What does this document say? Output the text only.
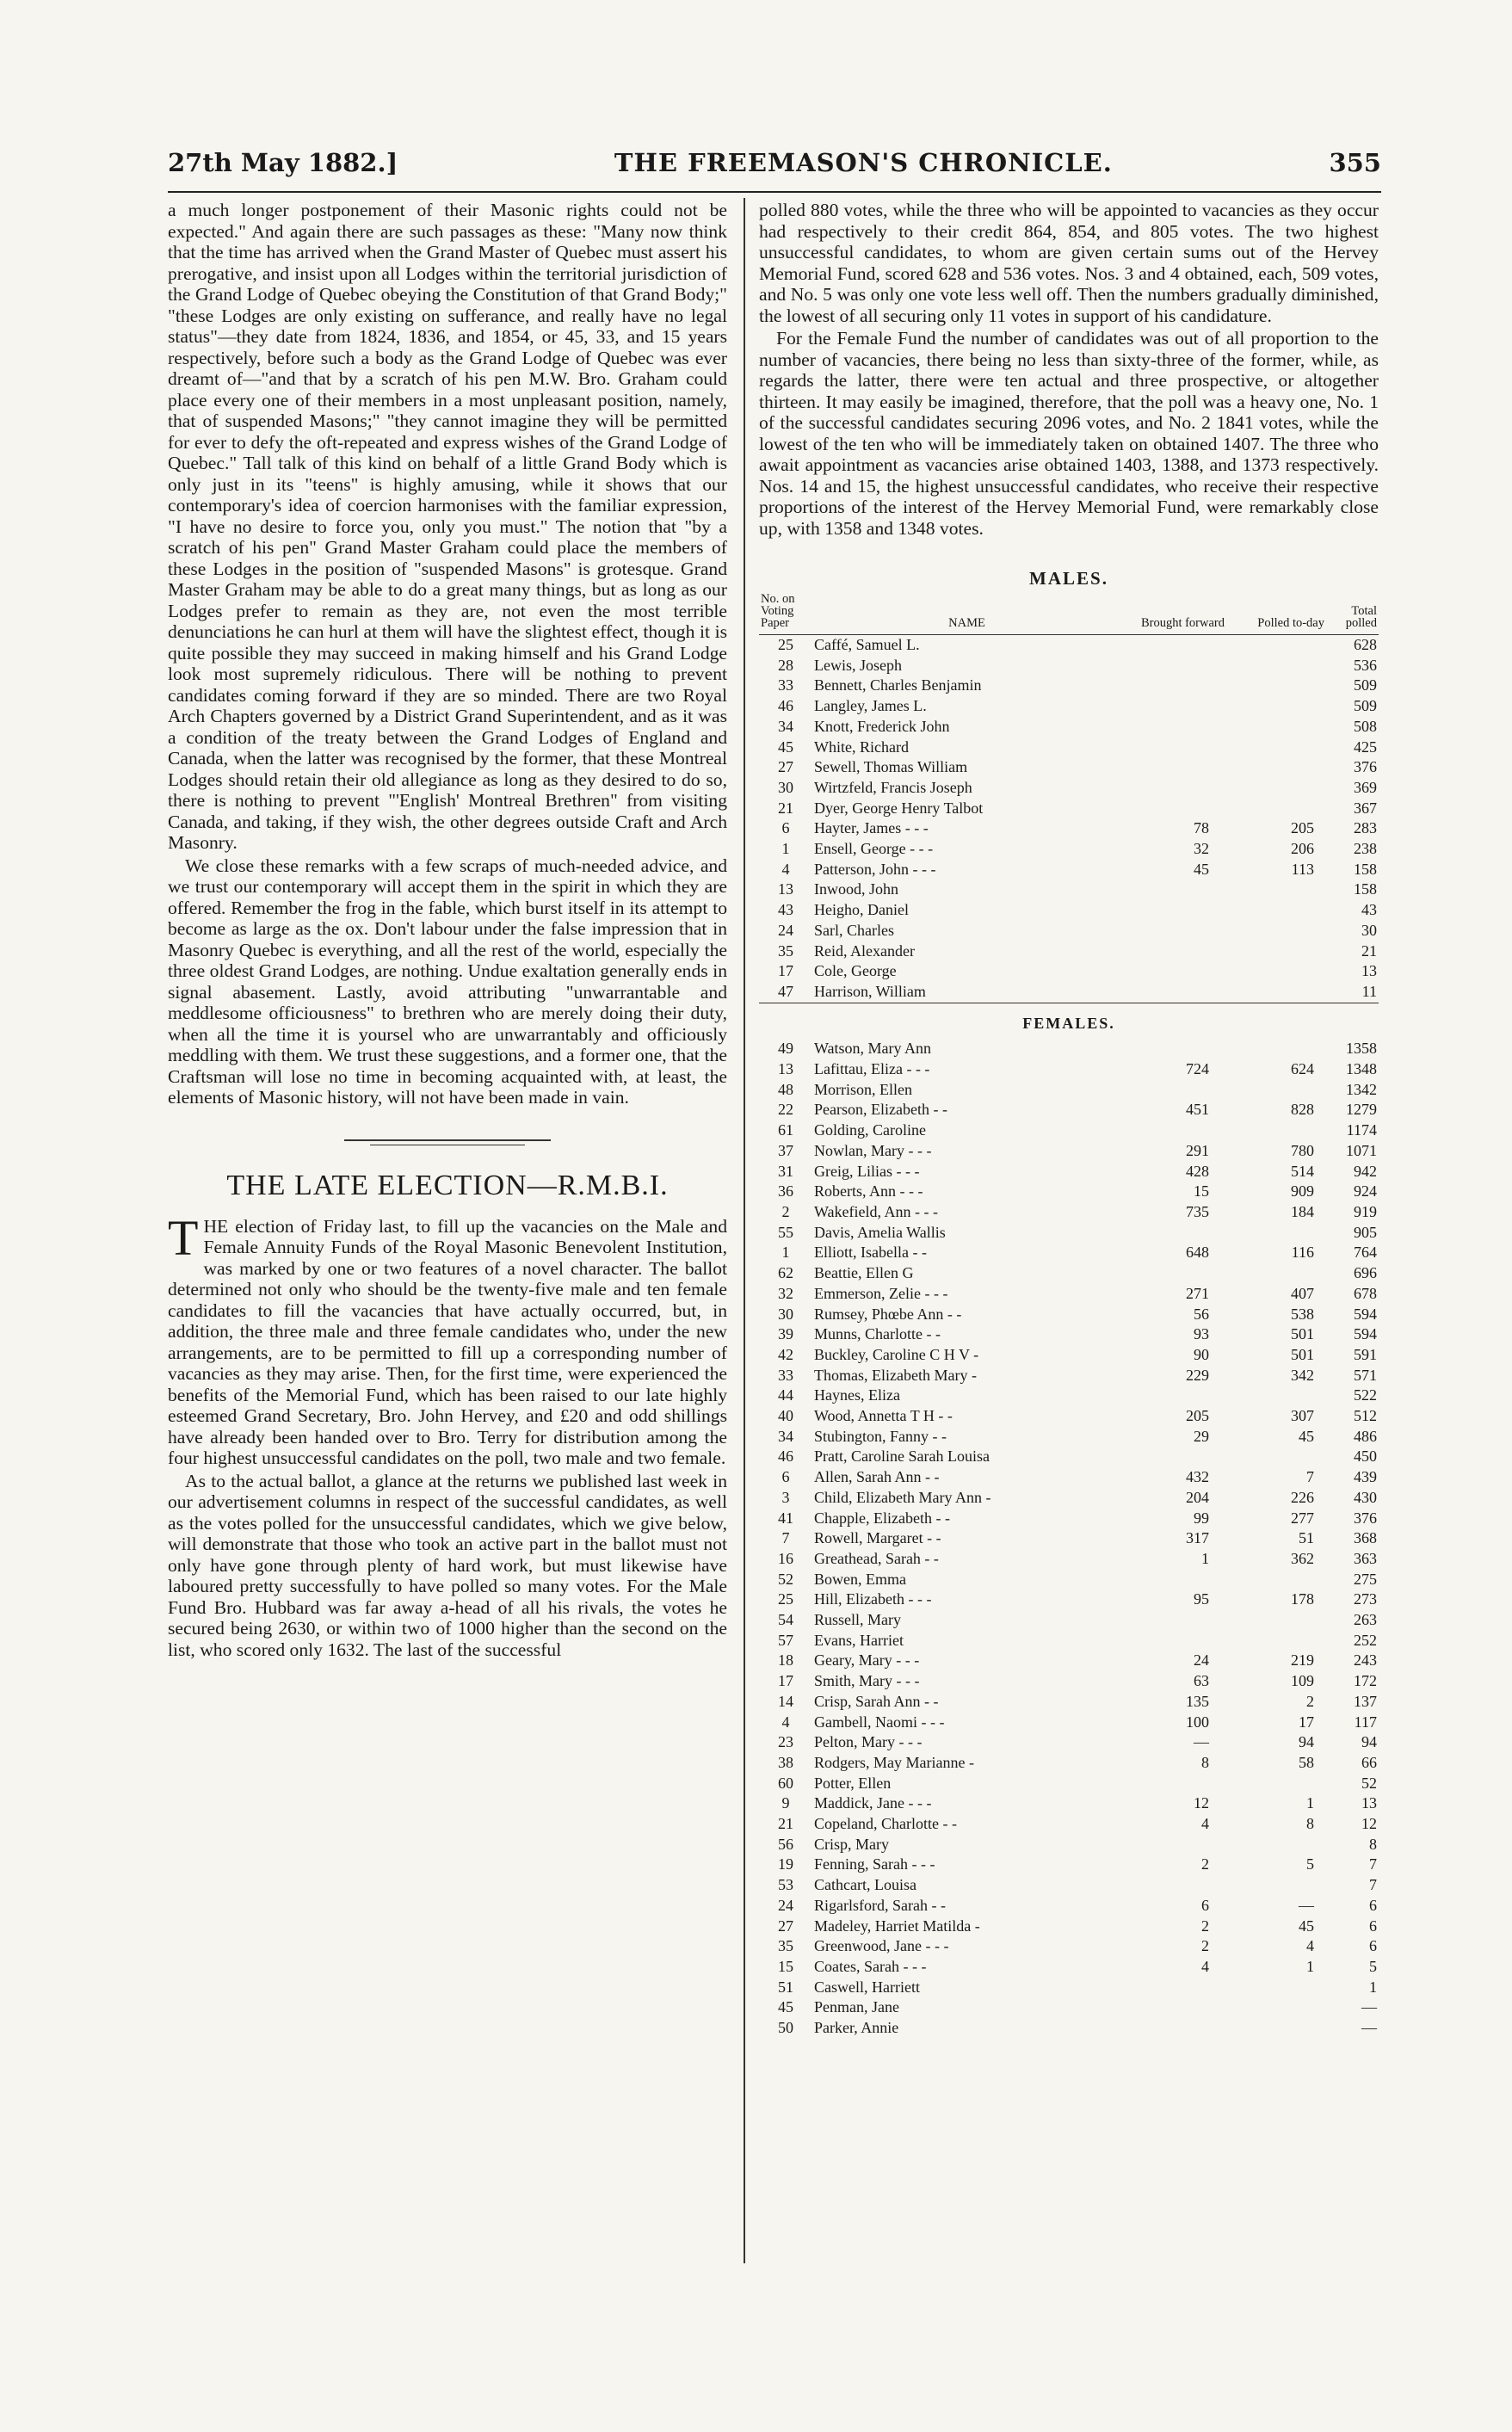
27th May 1882.]	THE FREEMASON'S CHRONICLE.	355

a much longer postponement of their Masonic rights could not be expected." And again there are such passages as these: "Many now think that the time has arrived when the Grand Master of Quebec must assert his prerogative, and insist upon all Lodges within the territorial jurisdiction of the Grand Lodge of Quebec obeying the Constitution of that Grand Body;" "these Lodges are only existing on sufferance, and really have no legal status"—they date from 1824, 1836, and 1854, or 45, 33, and 15 years respectively, before such a body as the Grand Lodge of Quebec was ever dreamt of—"and that by a scratch of his pen M.W. Bro. Graham could place every one of their members in a most unpleasant position, namely, that of suspended Masons;" "they cannot imagine they will be permitted for ever to defy the oft-repeated and express wishes of the Grand Lodge of Quebec." Tall talk of this kind on behalf of a little Grand Body which is only just in its "teens" is highly amusing, while it shows that our contemporary's idea of coercion harmonises with the familiar expression, "I have no desire to force you, only you must." The notion that "by a scratch of his pen" Grand Master Graham could place the members of these Lodges in the position of "suspended Masons" is grotesque. Grand Master Graham may be able to do a great many things, but as long as our Lodges prefer to remain as they are, not even the most terrible denunciations he can hurl at them will have the slightest effect, though it is quite possible they may succeed in making himself and his Grand Lodge look most supremely ridiculous. There will be nothing to prevent candidates coming forward if they are so minded. There are two Royal Arch Chapters governed by a District Grand Superintendent, and as it was a condition of the treaty between the Grand Lodges of England and Canada, when the latter was recognised by the former, that these Montreal Lodges should retain their old allegiance as long as they desired to do so, there is nothing to prevent "'English' Montreal Brethren" from visiting Canada, and taking, if they wish, the other degrees outside Craft and Arch Masonry.

We close these remarks with a few scraps of much-needed advice, and we trust our contemporary will accept them in the spirit in which they are offered. Remember the frog in the fable, which burst itself in its attempt to become as large as the ox. Don't labour under the false impression that in Masonry Quebec is everything, and all the rest of the world, especially the three oldest Grand Lodges, are nothing. Undue exaltation generally ends in signal abasement. Lastly, avoid attributing "unwarrantable and meddlesome officiousness" to brethren who are merely doing their duty, when all the time it is yoursel who are unwarrantably and officiously meddling with them. We trust these suggestions, and a former one, that the Craftsman will lose no time in becoming acquainted with, at least, the elements of Masonic history, will not have been made in vain.

THE LATE ELECTION—R.M.B.I.

THE election of Friday last, to fill up the vacancies on the Male and Female Annuity Funds of the Royal Masonic Benevolent Institution, was marked by one or two features of a novel character. The ballot determined not only who should be the twenty-five male and ten female candidates to fill the vacancies that have actually occurred, but, in addition, the three male and three female candidates who, under the new arrangements, are to be permitted to fill up a corresponding number of vacancies as they may arise. Then, for the first time, were experienced the benefits of the Memorial Fund, which has been raised to our late highly esteemed Grand Secretary, Bro. John Hervey, and £20 and odd shillings have already been handed over to Bro. Terry for distribution among the four highest unsuccessful candidates on the poll, two male and two female.

As to the actual ballot, a glance at the returns we published last week in our advertisement columns in respect of the successful candidates, as well as the votes polled for the unsuccessful candidates, which we give below, will demonstrate that those who took an active part in the ballot must not only have gone through plenty of hard work, but must likewise have laboured pretty successfully to have polled so many votes. For the Male Fund Bro. Hubbard was far away a-head of all his rivals, the votes he secured being 2630, or within two of 1000 higher than the second on the list, who scored only 1632. The last of the successful

polled 880 votes, while the three who will be appointed to vacancies as they occur had respectively to their credit 864, 854, and 805 votes. The two highest unsuccessful candidates, to whom are given certain sums out of the Hervey Memorial Fund, scored 628 and 536 votes. Nos. 3 and 4 obtained, each, 509 votes, and No. 5 was only one vote less well off. Then the numbers gradually diminished, the lowest of all securing only 11 votes in support of his candidature.

For the Female Fund the number of candidates was out of all proportion to the number of vacancies, there being no less than sixty-three of the former, while, as regards the latter, there were ten actual and three prospective, or altogether thirteen. It may easily be imagined, therefore, that the poll was a heavy one, No. 1 of the successful candidates securing 2096 votes, and No. 2 1841 votes, while the lowest of the ten who will be immediately taken on obtained 1407. The three who await appointment as vacancies arise obtained 1403, 1388, and 1373 respectively. Nos. 14 and 15, the highest unsuccessful candidates, who receive their respective proportions of the interest of the Hervey Memorial Fund, were remarkably close up, with 1358 and 1348 votes.

MALES.
No. on Voting Paper	NAME	Brought forward	Polled to-day	Total polled
25	Caffé, Samuel L.			628
28	Lewis, Joseph			536
33	Bennett, Charles Benjamin			509
46	Langley, James L.			509
34	Knott, Frederick John			508
45	White, Richard			425
27	Sewell, Thomas William			376
30	Wirtzfeld, Francis Joseph			369
21	Dyer, George Henry Talbot			367
6	Hayter, James - - -	78	205	283
1	Ensell, George - - -	32	206	238
4	Patterson, John - - -	45	113	158
13	Inwood, John			158
43	Heigho, Daniel			43
24	Sarl, Charles			30
35	Reid, Alexander			21
17	Cole, George			13
47	Harrison, William			11
FEMALES.				
49	Watson, Mary Ann			1358
13	Lafittau, Eliza - - -	724	624	1348
48	Morrison, Ellen			1342
22	Pearson, Elizabeth - -	451	828	1279
61	Golding, Caroline			1174
37	Nowlan, Mary - - -	291	780	1071
31	Greig, Lilias - - -	428	514	942
36	Roberts, Ann - - -	15	909	924
2	Wakefield, Ann - - -	735	184	919
55	Davis, Amelia Wallis			905
1	Elliott, Isabella - -	648	116	764
62	Beattie, Ellen G			696
32	Emmerson, Zelie - - -	271	407	678
30	Rumsey, Phœbe Ann - -	56	538	594
39	Munns, Charlotte - -	93	501	594
42	Buckley, Caroline C H V -	90	501	591
33	Thomas, Elizabeth Mary -	229	342	571
44	Haynes, Eliza			522
40	Wood, Annetta T H - -	205	307	512
34	Stubington, Fanny - -	29	45	486
46	Pratt, Caroline Sarah Louisa			450
6	Allen, Sarah Ann - -	432	7	439
3	Child, Elizabeth Mary Ann -	204	226	430
41	Chapple, Elizabeth - -	99	277	376
7	Rowell, Margaret - -	317	51	368
16	Greathead, Sarah - -	1	362	363
52	Bowen, Emma			275
25	Hill, Elizabeth - - -	95	178	273
54	Russell, Mary			263
57	Evans, Harriet			252
18	Geary, Mary - - -	24	219	243
17	Smith, Mary - - -	63	109	172
14	Crisp, Sarah Ann - -	135	2	137
4	Gambell, Naomi - - -	100	17	117
23	Pelton, Mary - - -	—	94	94
38	Rodgers, May Marianne -	8	58	66
60	Potter, Ellen			52
9	Maddick, Jane - - -	12	1	13
21	Copeland, Charlotte - -	4	8	12
56	Crisp, Mary			8
19	Fenning, Sarah - - -	2	5	7
53	Cathcart, Louisa			7
24	Rigarlsford, Sarah - -	6	—	6
27	Madeley, Harriet Matilda -	2	45	6
35	Greenwood, Jane - - -	2	4	6
15	Coates, Sarah - - -	4	1	5
51	Caswell, Harriett			1
45	Penman, Jane			—
50	Parker, Annie			—
